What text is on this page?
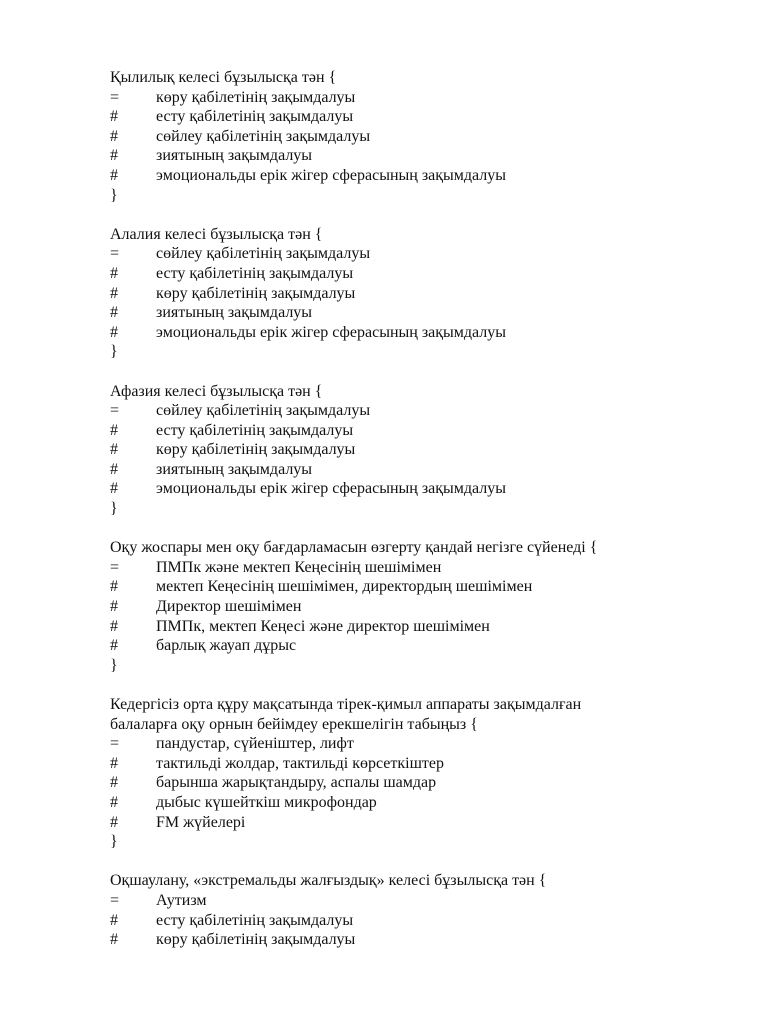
Қылилық келесі бұзылысқа тән {
= көру қабілетінің зақымдалуы
# есту қабілетінің зақымдалуы
# сөйлеу қабілетінің зақымдалуы
# зиятының зақымдалуы
# эмоциональды ерік жігер сферасының зақымдалуы
}
Алалия келесі бұзылысқа тән {
= сөйлеу қабілетінің зақымдалуы
# есту қабілетінің зақымдалуы
# көру қабілетінің зақымдалуы
# зиятының зақымдалуы
# эмоциональды ерік жігер сферасының зақымдалуы
}
Афазия келесі бұзылысқа тән {
= сөйлеу қабілетінің зақымдалуы
# есту қабілетінің зақымдалуы
# көру қабілетінің зақымдалуы
# зиятының зақымдалуы
# эмоциональды ерік жігер сферасының зақымдалуы
}
Оқу жоспары мен оқу бағдарламасын өзгерту қандай негізге сүйенеді {
= ПМПк және мектеп Кеңесінің шешімімен
# мектеп Кеңесінің шешімімен, директордың шешімімен
# Директор шешімімен
# ПМПк, мектеп Кеңесі және директор шешімімен
# барлық жауап дұрыс
}
Кедергісіз орта құру мақсатында тірек-қимыл аппараты зақымдалған
балаларға оқу орнын бейімдеу ерекшелігін табыңыз {
= пандустар, сүйеніштер, лифт
# тактильді жолдар, тактильді көрсеткіштер
# барынша жарықтандыру, аспалы шамдар
# дыбыс күшейткіш микрофондар
# FM жүйелері
}
Оқшаулану, «экстремальды жалғыздық» келесі бұзылысқа тән {
= Аутизм
# есту қабілетінің зақымдалуы
# көру қабілетінің зақымдалуы
